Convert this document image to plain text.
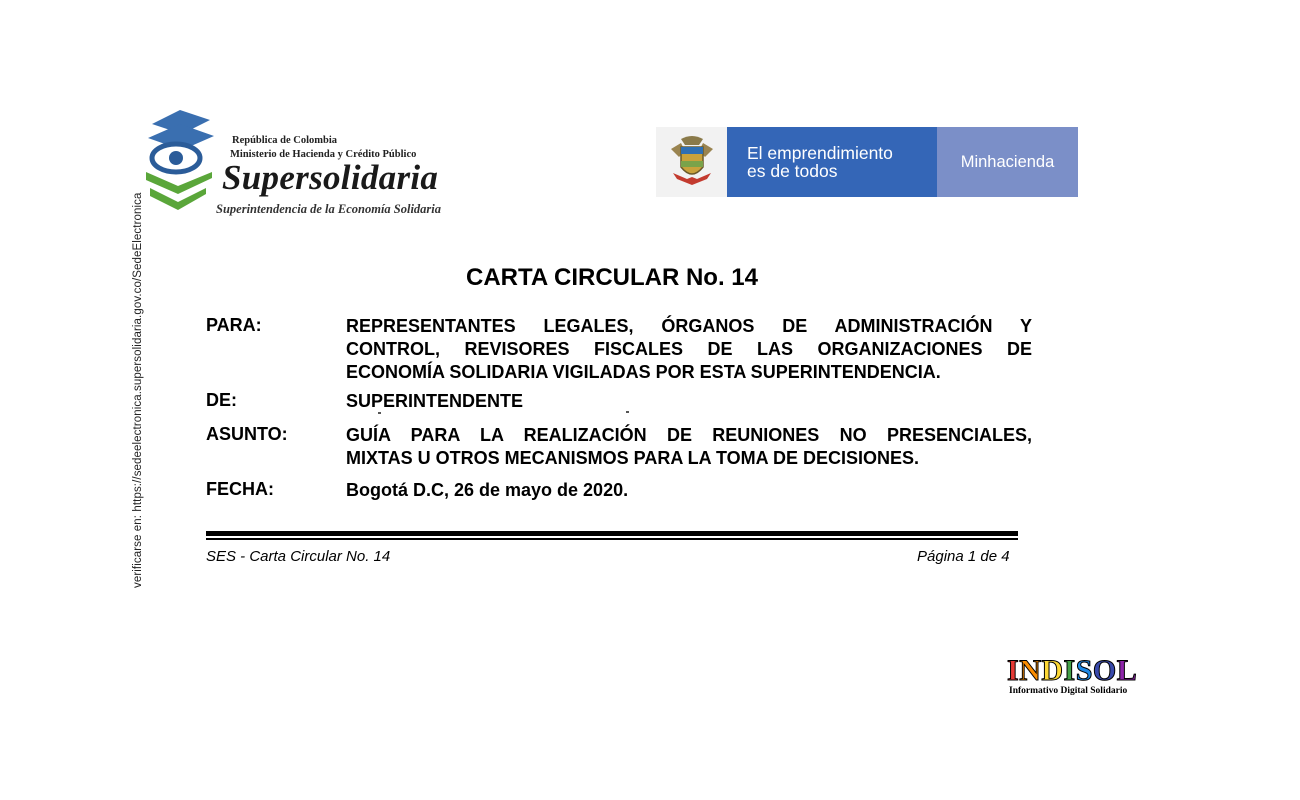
verificarse en: https://sedeelectronica.supersolidaria.gov.co/SedeElectronica
República de Colombia
Ministerio de Hacienda y Crédito Público
Supersolidaria
Superintendencia de la Economía Solidaria
El emprendimiento
es de todos	Minhacienda
CARTA CIRCULAR No. 14
PARA:	REPRESENTANTES LEGALES, ÓRGANOS DE ADMINISTRACIÓN Y
CONTROL, REVISORES FISCALES DE LAS ORGANIZACIONES DE
ECONOMÍA SOLIDARIA VIGILADAS POR ESTA SUPERINTENDENCIA.
DE:	SUPERINTENDENTE
ASUNTO:	GUÍA PARA LA REALIZACIÓN DE REUNIONES NO PRESENCIALES,
MIXTAS U OTROS MECANISMOS PARA LA TOMA DE DECISIONES.
FECHA:	Bogotá D.C, 26 de mayo de 2020.
SES - Carta Circular No. 14	Página 1 de 4
INDISOL
Informativo Digital Solidario
